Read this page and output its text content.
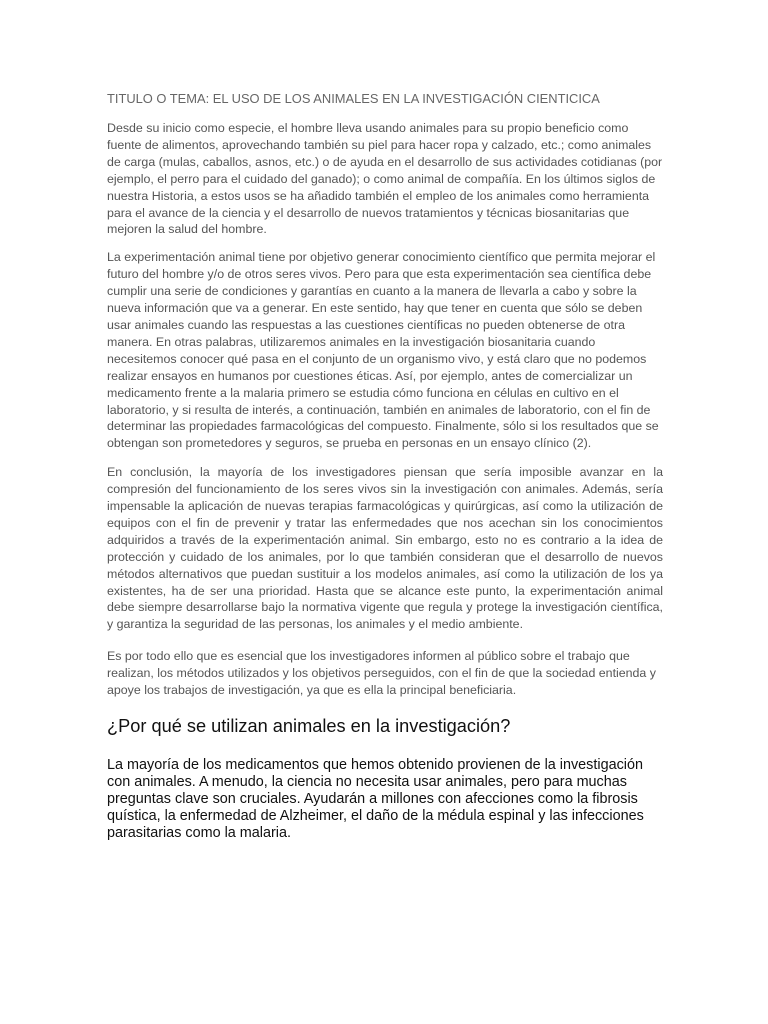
TITULO O TEMA: EL USO DE LOS ANIMALES EN LA INVESTIGACIÓN CIENTICICA

Desde su inicio como especie, el hombre lleva usando animales para su propio beneficio como fuente de alimentos, aprovechando también su piel para hacer ropa y calzado, etc.; como animales de carga (mulas, caballos, asnos, etc.) o de ayuda en el desarrollo de sus actividades cotidianas (por ejemplo, el perro para el cuidado del ganado); o como animal de compañía. En los últimos siglos de nuestra Historia, a estos usos se ha añadido también el empleo de los animales como herramienta para el avance de la ciencia y el desarrollo de nuevos tratamientos y técnicas biosanitarias que mejoren la salud del hombre.

La experimentación animal tiene por objetivo generar conocimiento científico que permita mejorar el futuro del hombre y/o de otros seres vivos. Pero para que esta experimentación sea científica debe cumplir una serie de condiciones y garantías en cuanto a la manera de llevarla a cabo y sobre la nueva información que va a generar. En este sentido, hay que tener en cuenta que sólo se deben usar animales cuando las respuestas a las cuestiones científicas no pueden obtenerse de otra manera. En otras palabras, utilizaremos animales en la investigación biosanitaria cuando necesitemos conocer qué pasa en el conjunto de un organismo vivo, y está claro que no podemos realizar ensayos en humanos por cuestiones éticas. Así, por ejemplo, antes de comercializar un medicamento frente a la malaria primero se estudia cómo funciona en células en cultivo en el laboratorio, y si resulta de interés, a continuación, también en animales de laboratorio, con el fin de determinar las propiedades farmacológicas del compuesto. Finalmente, sólo si los resultados que se obtengan son prometedores y seguros, se prueba en personas en un ensayo clínico (2).

En conclusión, la mayoría de los investigadores piensan que sería imposible avanzar en la compresión del funcionamiento de los seres vivos sin la investigación con animales. Además, sería impensable la aplicación de nuevas terapias farmacológicas y quirúrgicas, así como la utilización de equipos con el fin de prevenir y tratar las enfermedades que nos acechan sin los conocimientos adquiridos a través de la experimentación animal. Sin embargo, esto no es contrario a la idea de protección y cuidado de los animales, por lo que también consideran que el desarrollo de nuevos métodos alternativos que puedan sustituir a los modelos animales, así como la utilización de los ya existentes, ha de ser una prioridad. Hasta que se alcance este punto, la experimentación animal debe siempre desarrollarse bajo la normativa vigente que regula y protege la investigación científica, y garantiza la seguridad de las personas, los animales y el medio ambiente.

Es por todo ello que es esencial que los investigadores informen al público sobre el trabajo que realizan, los métodos utilizados y los objetivos perseguidos, con el fin de que la sociedad entienda y apoye los trabajos de investigación, ya que es ella la principal beneficiaria.

¿Por qué se utilizan animales en la investigación?

La mayoría de los medicamentos que hemos obtenido provienen de la investigación con animales. A menudo, la ciencia no necesita usar animales, pero para muchas preguntas clave son cruciales. Ayudarán a millones con afecciones como la fibrosis quística, la enfermedad de Alzheimer, el daño de la médula espinal y las infecciones parasitarias como la malaria.
